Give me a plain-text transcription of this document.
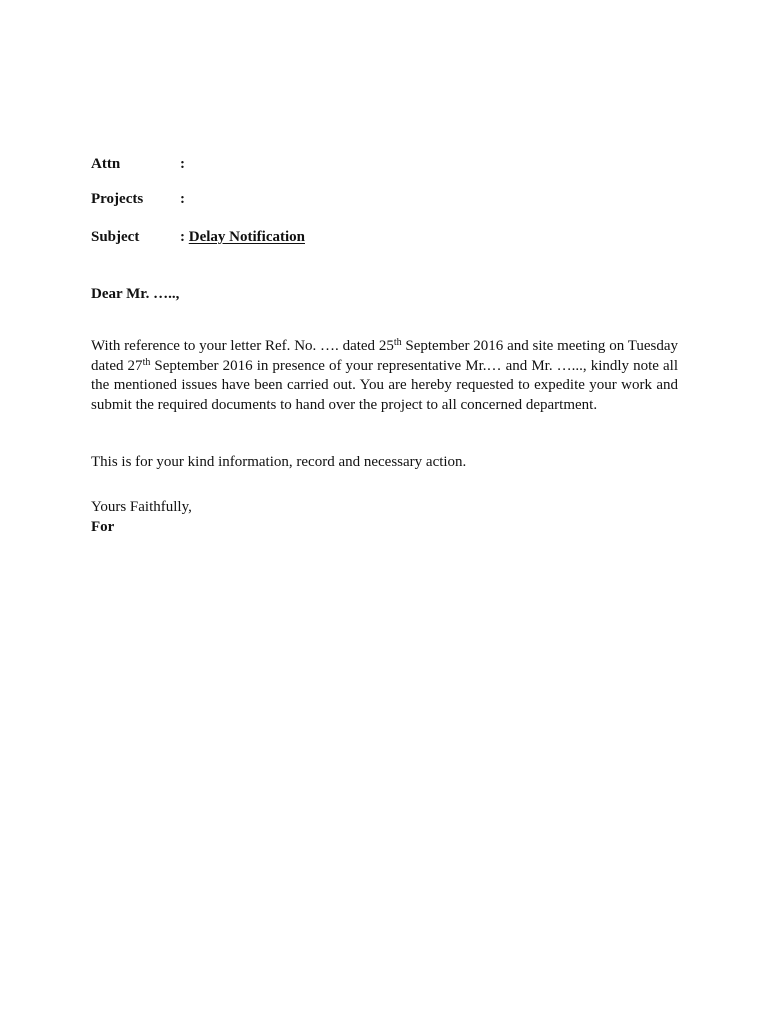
Attn	:
Projects :
Subject	: Delay Notification
Dear Mr. …..,
With reference to your letter Ref. No. …. dated 25th September 2016 and site meeting on Tuesday dated 27th September 2016 in presence of your representative Mr.… and Mr. …..., kindly note all the mentioned issues have been carried out. You are hereby requested to expedite your work and submit the required documents to hand over the project to all concerned department.
This is for your kind information, record and necessary action.
Yours Faithfully,
For
